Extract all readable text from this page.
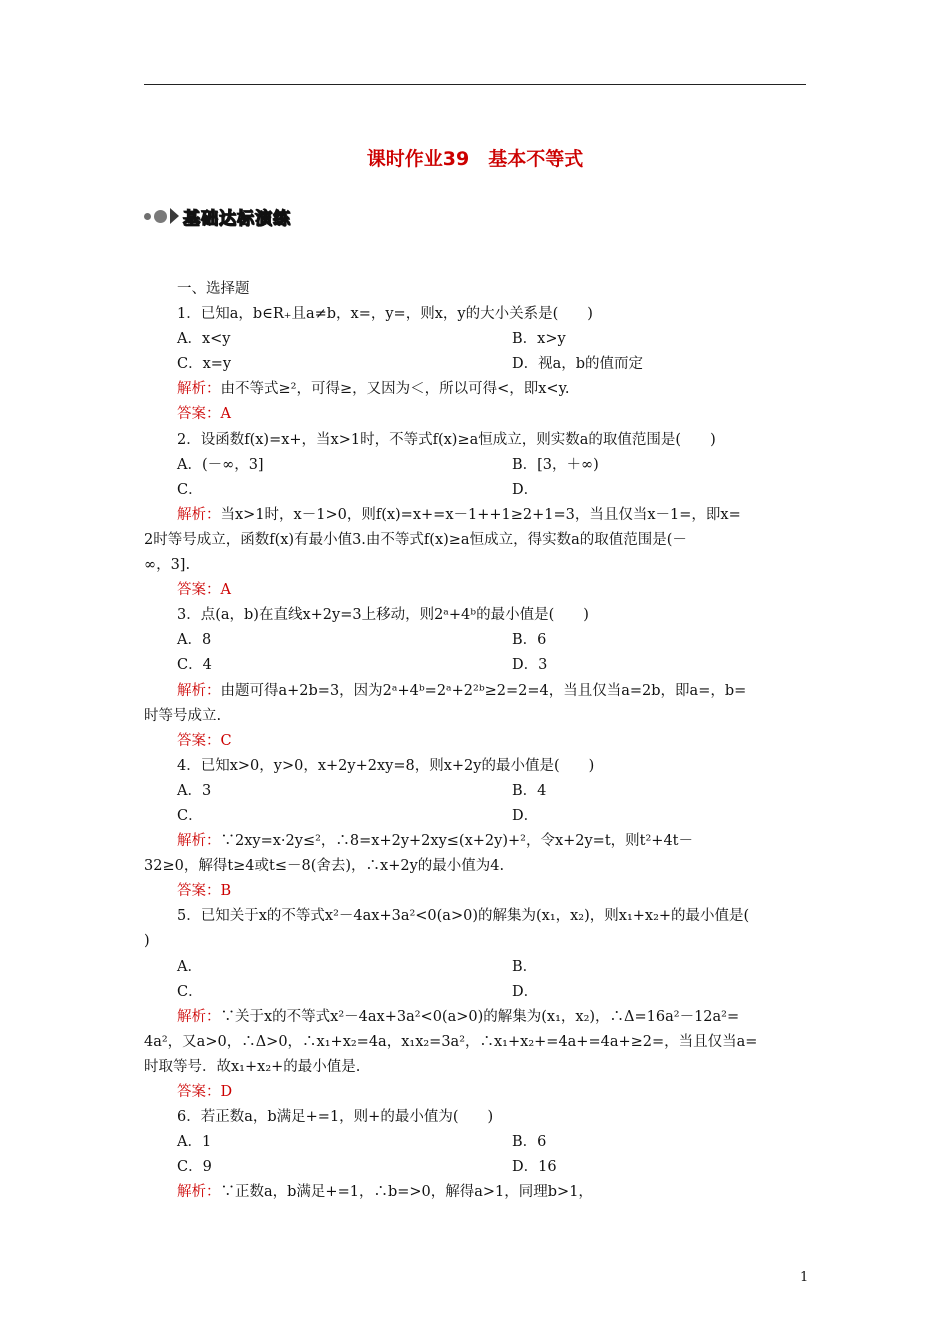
课时作业39　基本不等式
基础达标演练
一、选择题
1．已知a，b∈R₊且a≠b，x=，y=，则x，y的大小关系是(　　)
A．x<y	B．x>y
C．x=y	D．视a，b的值而定
解析：由不等式≥²，可得≥，又因为＜，所以可得<，即x<y.
答案：A
2．设函数f(x)=x+，当x>1时，不等式f(x)≥a恒成立，则实数a的取值范围是(　　)
A．(－∞，3]	B．[3，＋∞)
C．	D．
解析：当x>1时，x－1>0，则f(x)=x+=x－1++1≥2+1=3，当且仅当x－1=，即x=
2时等号成立，函数f(x)有最小值3.由不等式f(x)≥a恒成立，得实数a的取值范围是(－
∞，3].
答案：A
3．点(a，b)在直线x+2y=3上移动，则2ᵃ+4ᵇ的最小值是(　　)
A．8	B．6
C．4	D．3
解析：由题可得a+2b=3，因为2ᵃ+4ᵇ=2ᵃ+2²ᵇ≥2=2=4，当且仅当a=2b，即a=，b=
时等号成立.
答案：C
4．已知x>0，y>0，x+2y+2xy=8，则x+2y的最小值是(　　)
A．3	B．4
C．	D．
解析：∵2xy=x·2y≤²，∴8=x+2y+2xy≤(x+2y)+²，令x+2y=t，则t²+4t－
32≥0，解得t≥4或t≤－8(舍去)，∴x+2y的最小值为4.
答案：B
5．已知关于x的不等式x²－4ax+3a²<0(a>0)的解集为(x₁，x₂)，则x₁+x₂+的最小值是(
)
A．	B．
C．	D．
解析：∵关于x的不等式x²－4ax+3a²<0(a>0)的解集为(x₁，x₂)，∴Δ=16a²－12a²=
4a²，又a>0，∴Δ>0，∴x₁+x₂=4a，x₁x₂=3a²，∴x₁+x₂+=4a+=4a+≥2=，当且仅当a=
时取等号．故x₁+x₂+的最小值是.
答案：D
6．若正数a，b满足+=1，则+的最小值为(　　)
A．1	B．6
C．9	D．16
解析：∵正数a，b满足+=1，∴b=>0，解得a>1，同理b>1，
1
